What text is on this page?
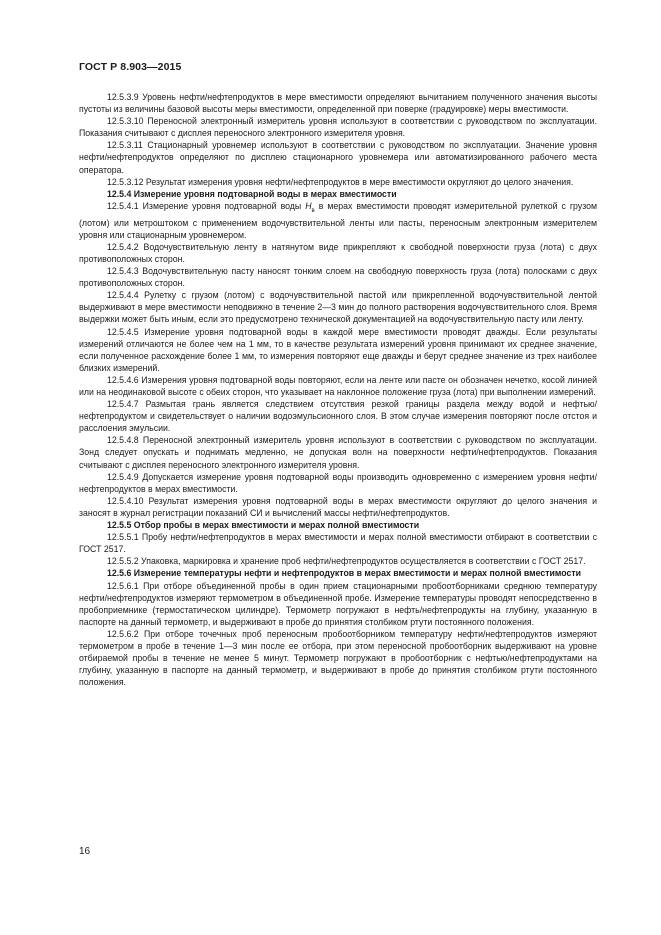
ГОСТ Р 8.903—2015

12.5.3.9 Уровень нефти/нефтепродуктов в мере вместимости определяют вычитанием полученного значения высоты пустоты из величины базовой высоты меры вместимости, определенной при поверке (градуировке) меры вместимости.

12.5.3.10 Переносной электронный измеритель уровня используют в соответствии с руководством по эксплуатации. Показания считывают с дисплея переносного электронного измерителя уровня.

12.5.3.11 Стационарный уровнемер используют в соответствии с руководством по эксплуатации. Значение уровня нефти/нефтепродуктов определяют по дисплею стационарного уровнемера или автоматизированного рабочего места оператора.

12.5.3.12 Результат измерения уровня нефти/нефтепродуктов в мере вместимости округляют до целого значения.

12.5.4 Измерение уровня подтоварной воды в мерах вместимости

12.5.4.1 Измерение уровня подтоварной воды $H_в$ в мерах вместимости проводят измерительной рулеткой с грузом (лотом) или метроштоком с применением водочувствительной ленты или пасты, переносным электронным измерителем уровня или стационарным уровнемером.

12.5.4.2 Водочувствительную ленту в натянутом виде прикрепляют к свободной поверхности груза (лота) с двух противоположных сторон.

12.5.4.3 Водочувствительную пасту наносят тонким слоем на свободную поверхность груза (лота) полосками с двух противоположных сторон.

12.5.4.4 Рулетку с грузом (лотом) с водочувствительной пастой или прикрепленной водочувствительной лентой выдерживают в мере вместимости неподвижно в течение 2—3 мин до полного растворения водочувствительного слоя. Время выдержки может быть иным, если это предусмотрено технической документацией на водочувствительную пасту или ленту.

12.5.4.5 Измерение уровня подтоварной воды в каждой мере вместимости проводят дважды. Если результаты измерений отличаются не более чем на 1 мм, то в качестве результата измерений уровня принимают их среднее значение, если полученное расхождение более 1 мм, то измерения повторяют еще дважды и берут среднее значение из трех наиболее близких измерений.

12.5.4.6 Измерения уровня подтоварной воды повторяют, если на ленте или пасте он обозначен нечетко, косой линией или на неодинаковой высоте с обеих сторон, что указывает на наклонное положение груза (лота) при выполнении измерений.

12.5.4.7 Размытая грань является следствием отсутствия резкой границы раздела между водой и нефтью/нефтепродуктом и свидетельствует о наличии водоэмульсионного слоя. В этом случае измерения повторяют после отстоя и расслоения эмульсии.

12.5.4.8 Переносной электронный измеритель уровня используют в соответствии с руководством по эксплуатации. Зонд следует опускать и поднимать медленно, не допуская волн на поверхности нефти/нефтепродуктов. Показания считывают с дисплея переносного электронного измерителя уровня.

12.5.4.9 Допускается измерение уровня подтоварной воды производить одновременно с измерением уровня нефти/нефтепродуктов в мерах вместимости.

12.5.4.10 Результат измерения уровня подтоварной воды в мерах вместимости округляют до целого значения и заносят в журнал регистрации показаний СИ и вычислений массы нефти/нефтепродуктов.

12.5.5 Отбор пробы в мерах вместимости и мерах полной вместимости

12.5.5.1 Пробу нефти/нефтепродуктов в мерах вместимости и мерах полной вместимости отбирают в соответствии с ГОСТ 2517.

12.5.5.2 Упаковка, маркировка и хранение проб нефти/нефтепродуктов осуществляется в соответствии с ГОСТ 2517.

12.5.6 Измерение температуры нефти и нефтепродуктов в мерах вместимости и мерах полной вместимости

12.5.6.1 При отборе объединенной пробы в один прием стационарными пробоотборниками среднюю температуру нефти/нефтепродуктов измеряют термометром в объединенной пробе. Измерение температуры проводят непосредственно в пробоприемнике (термостатическом цилиндре). Термометр погружают в нефть/нефтепродукты на глубину, указанную в паспорте на данный термометр, и выдерживают в пробе до принятия столбиком ртути постоянного положения.

12.5.6.2 При отборе точечных проб переносным пробоотборником температуру нефти/нефтепродуктов измеряют термометром в пробе в течение 1—3 мин после ее отбора, при этом переносной пробоотборник выдерживают на уровне отбираемой пробы в течение не менее 5 минут. Термометр погружают в пробоотборник с нефтью/нефтепродуктами на глубину, указанную в паспорте на данный термометр, и выдерживают в пробе до принятия столбиком ртути постоянного положения.

16
